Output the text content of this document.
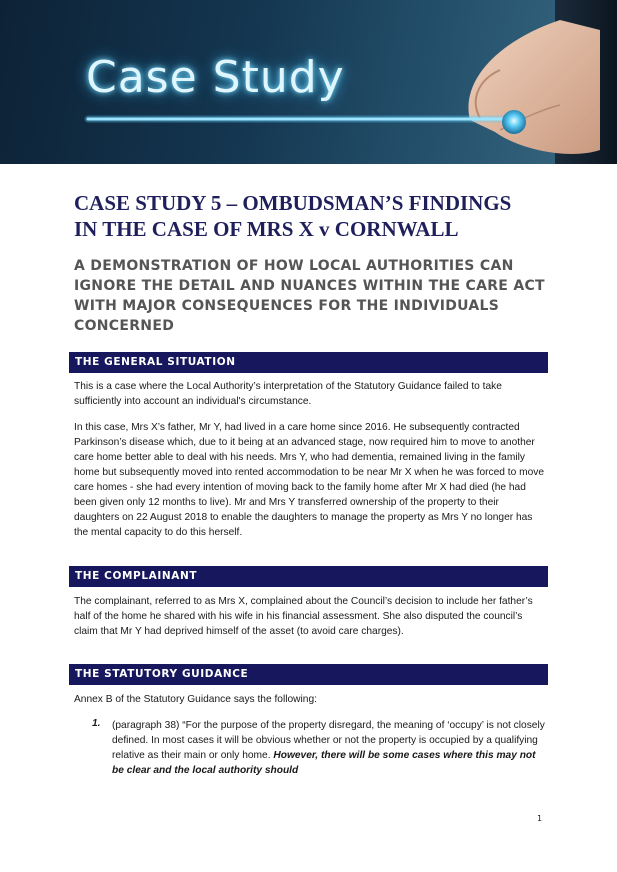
Case Study
CASE STUDY 5 – OMBUDSMAN’S FINDINGS
IN THE CASE OF MRS X v CORNWALL
A DEMONSTRATION OF HOW LOCAL AUTHORITIES CAN
IGNORE THE DETAIL AND NUANCES WITHIN THE CARE ACT
WITH MAJOR CONSEQUENCES FOR THE INDIVIDUALS
CONCERNED
THE GENERAL SITUATION

This is a case where the Local Authority’s interpretation of the Statutory Guidance failed to take sufficiently into account an individual's circumstance.

In this case, Mrs X’s father, Mr Y, had lived in a care home since 2016. He subsequently contracted Parkinson’s disease which, due to it being at an advanced stage, now required him to move to another care home better able to deal with his needs. Mrs Y, who had dementia, remained living in the family home but subsequently moved into rented accommodation to be near Mr X when he was forced to move care homes - she had every intention of moving back to the family home after Mr X had died (he had been given only 12 months to live). Mr and Mrs Y transferred ownership of the property to their daughters on 22 August 2018 to enable the daughters to manage the property as Mrs Y no longer has the mental capacity to do this herself.

THE COMPLAINANT

The complainant, referred to as Mrs X, complained about the Council’s decision to include her father’s half of the home he shared with his wife in his financial assessment. She also disputed the council’s claim that Mr Y had deprived himself of the asset (to avoid care charges).

THE STATUTORY GUIDANCE

Annex B of the Statutory Guidance says the following:

1. (paragraph 38) “For the purpose of the property disregard, the meaning of ‘occupy’ is not closely defined. In most cases it will be obvious whether or not the property is occupied by a qualifying relative as their main or only home. However, there will be some cases where this may not be clear and the local authority should

1
